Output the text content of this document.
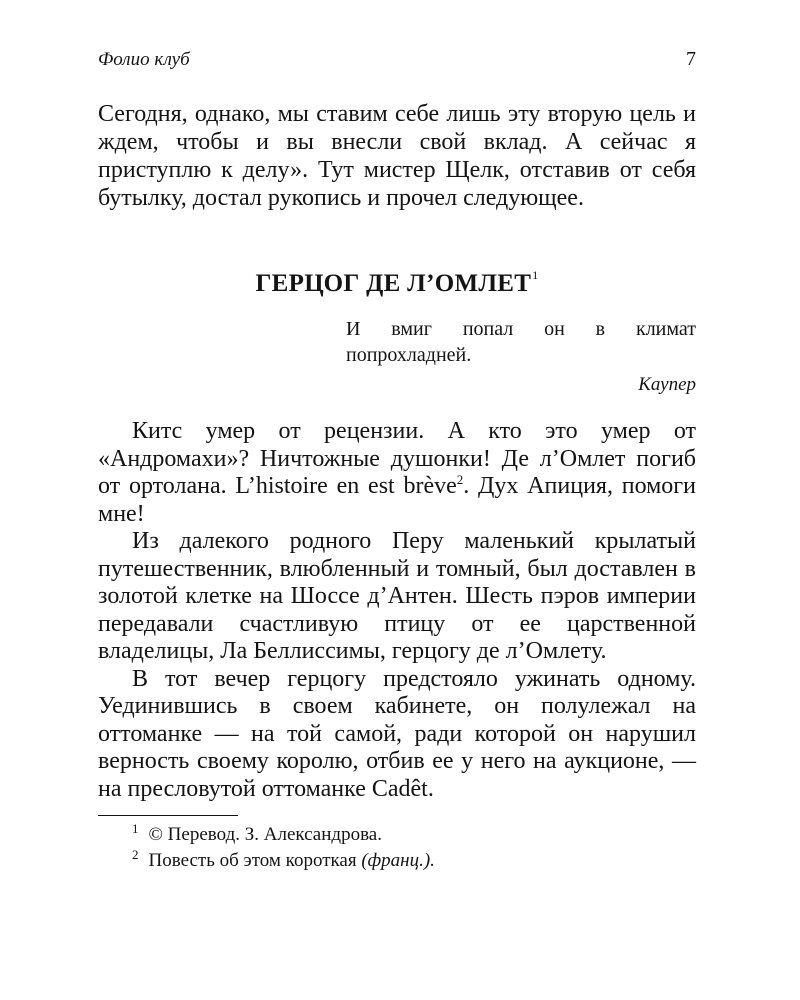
Фолио клуб	7

Сегодня, однако, мы ставим себе лишь эту вторую цель и ждем, чтобы и вы внесли свой вклад. А сейчас я приступлю к делу». Тут мистер Щелк, отставив от себя бутылку, достал рукопись и прочел следующее.

ГЕРЦОГ ДЕ Л’ОМЛЕТ$^1$
И вмиг попал он в климат попрохладней.
Каупер

Китс умер от рецензии. А кто это умер от «Андромахи»? Ничтожные душонки! Де л’Омлет погиб от ортолана. L’histoire en est brève$^2$. Дух Апиция, помоги мне!

Из далекого родного Перу маленький крылатый путешественник, влюбленный и томный, был доставлен в золотой клетке на Шоссе д’Антен. Шесть пэров империи передавали счастливую птицу от ее царственной владелицы, Ла Беллиссимы, герцогу де л’Омлету.

В тот вечер герцогу предстояло ужинать одному. Уединившись в своем кабинете, он полулежал на оттоманке — на той самой, ради которой он нарушил верность своему королю, отбив ее у него на аукционе, — на пресловутой оттоманке Cadêt.

1 © Перевод. З. Александрова.
2 Повесть об этом короткая (франц.).
